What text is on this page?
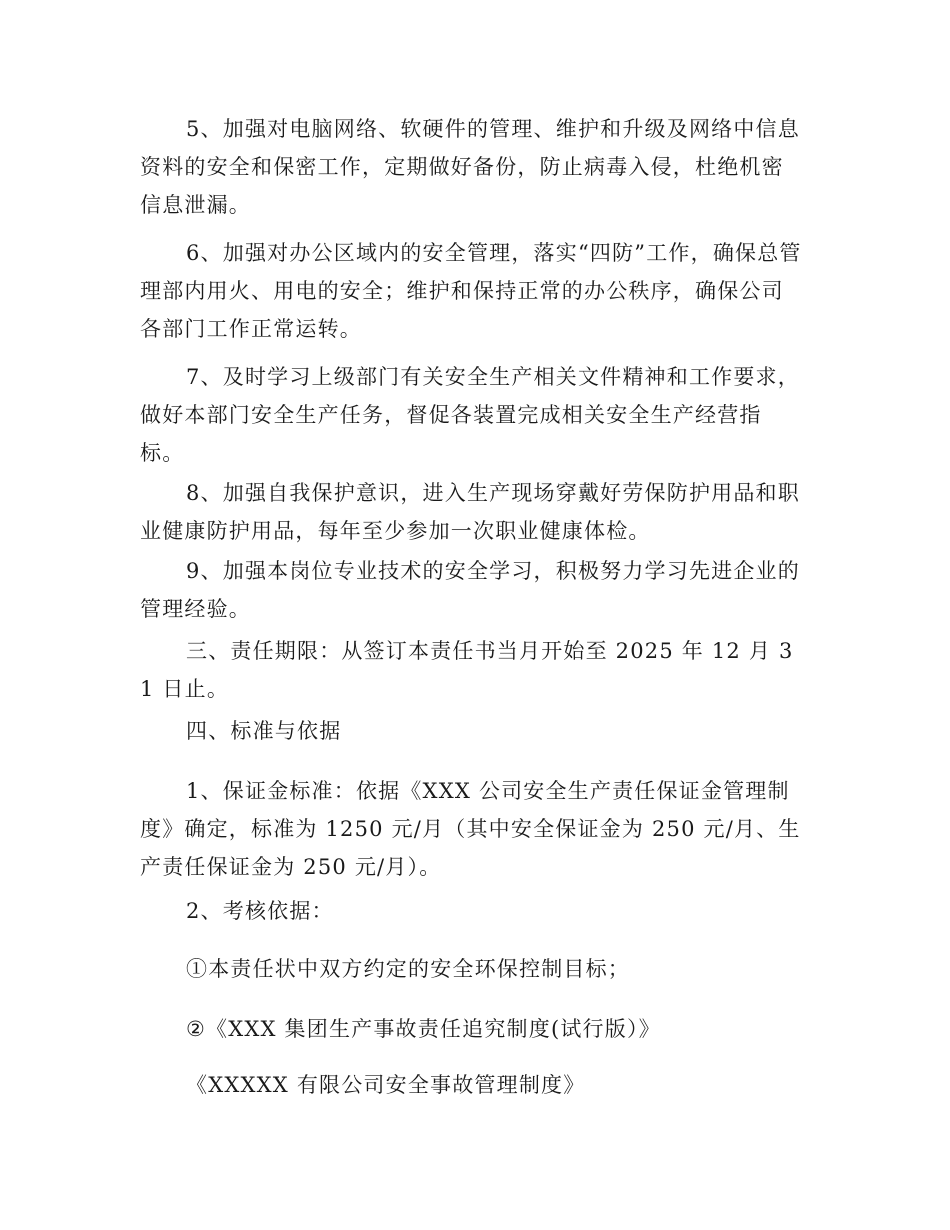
5、加强对电脑网络、软硬件的管理、维护和升级及网络中信息资料的安全和保密工作，定期做好备份，防止病毒入侵，杜绝机密信息泄漏。

6、加强对办公区域内的安全管理，落实“四防”工作，确保总管理部内用火、用电的安全；维护和保持正常的办公秩序，确保公司各部门工作正常运转。

7、及时学习上级部门有关安全生产相关文件精神和工作要求，做好本部门安全生产任务，督促各装置完成相关安全生产经营指标。

8、加强自我保护意识，进入生产现场穿戴好劳保防护用品和职业健康防护用品，每年至少参加一次职业健康体检。

9、加强本岗位专业技术的安全学习，积极努力学习先进企业的管理经验。

三、责任期限：从签订本责任书当月开始至 2025 年 12 月 31 日止。

四、标准与依据

1、保证金标准：依据《XXX 公司安全生产责任保证金管理制度》确定，标准为 1250 元/月（其中安全保证金为 250 元/月、生产责任保证金为 250 元/月）。

2、考核依据：

①本责任状中双方约定的安全环保控制目标；

②《XXX 集团生产事故责任追究制度(试行版）》

《XXXXX 有限公司安全事故管理制度》
